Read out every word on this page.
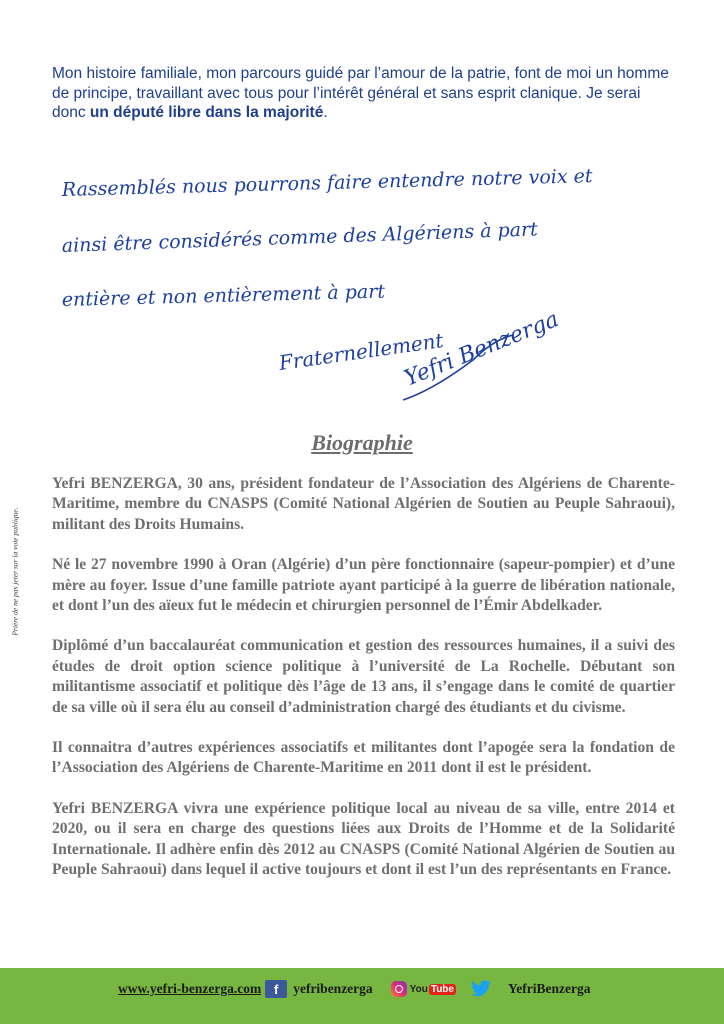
Mon histoire familiale, mon parcours guidé par l’amour de la patrie, font de moi un homme de principe, travaillant avec tous pour l’intérêt général et sans esprit clanique. Je serai donc un député libre dans la majorité.
Rassemblés nous pourrons faire entendre notre voix et
ainsi être considérés comme des Algériens à part
entière et non entièrement à part
Fraternellement
Yefri Benzerga
Biographie

Yefri BENZERGA, 30 ans, président fondateur de l’Association des Algériens de Charente-Maritime, membre du CNASPS (Comité National Algérien de Soutien au Peuple Sahraoui), militant des Droits Humains.

Né le 27 novembre 1990 à Oran (Algérie) d’un père fonctionnaire (sapeur-pompier) et d’une mère au foyer. Issue d’une famille patriote ayant participé à la guerre de libération nationale, et dont l’un des aïeux fut le médecin et chirurgien personnel de l’Émir Abdelkader.

Diplômé d’un baccalauréat communication et gestion des ressources humaines, il a suivi des études de droit option science politique à l’université de La Rochelle. Débutant son militantisme associatif et politique dès l’âge de 13 ans, il s’engage dans le comité de quartier de sa ville où il sera élu au conseil d’administration chargé des étudiants et du civisme.

Il connaitra d’autres expériences associatifs et militantes dont l’apogée sera la fondation de l’Association des Algériens de Charente-Maritime en 2011 dont il est le président.

Yefri BENZERGA vivra une expérience politique local au niveau de sa ville, entre 2014 et 2020, ou il sera en charge des questions liées aux Droits de l’Homme et de la Solidarité Internationale. Il adhère enfin dès 2012 au CNASPS (Comité National Algérien de Soutien au Peuple Sahraoui) dans lequel il active toujours et dont il est l’un des représentants en France.

Prière de ne pas jeter sur la voie publique.
www.yefri-benzerga.com f yefribenzerga	You Tube	YefriBenzerga
